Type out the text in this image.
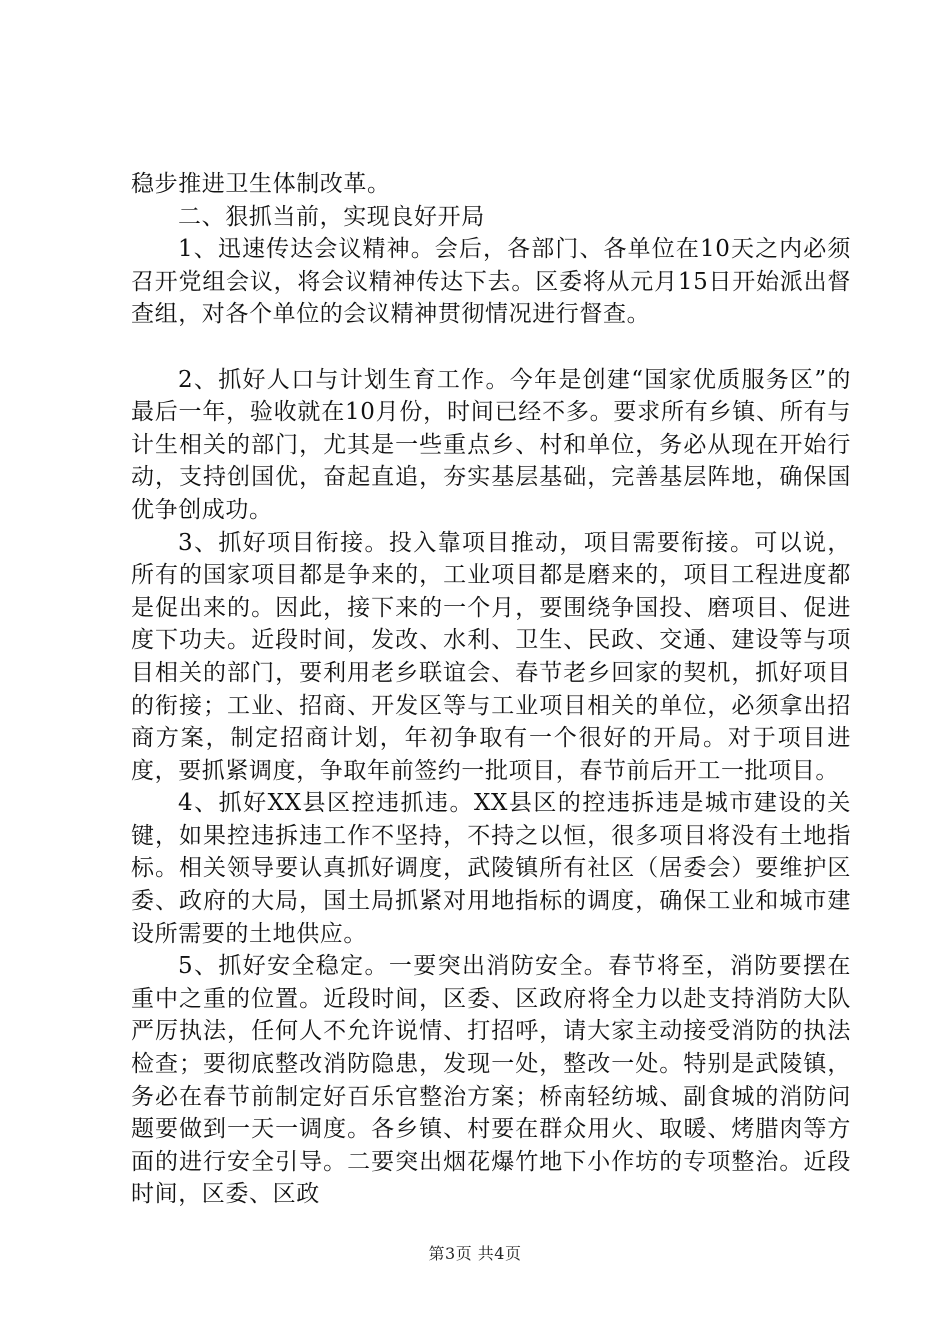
稳步推进卫生体制改革。

二、狠抓当前，实现良好开局

1、迅速传达会议精神。会后，各部门、各单位在10天之内必须召开党组会议，将会议精神传达下去。区委将从元月15日开始派出督查组，对各个单位的会议精神贯彻情况进行督查。

2、抓好人口与计划生育工作。今年是创建“国家优质服务区”的最后一年，验收就在10月份，时间已经不多。要求所有乡镇、所有与计生相关的部门，尤其是一些重点乡、村和单位，务必从现在开始行动，支持创国优，奋起直追，夯实基层基础，完善基层阵地，确保国优争创成功。

3、抓好项目衔接。投入靠项目推动，项目需要衔接。可以说，所有的国家项目都是争来的，工业项目都是磨来的，项目工程进度都是促出来的。因此，接下来的一个月，要围绕争国投、磨项目、促进度下功夫。近段时间，发改、水利、卫生、民政、交通、建设等与项目相关的部门，要利用老乡联谊会、春节老乡回家的契机，抓好项目的衔接；工业、招商、开发区等与工业项目相关的单位，必须拿出招商方案，制定招商计划，年初争取有一个很好的开局。对于项目进度，要抓紧调度，争取年前签约一批项目，春节前后开工一批项目。

4、抓好XX县区控违抓违。XX县区的控违拆违是城市建设的关键，如果控违拆违工作不坚持，不持之以恒，很多项目将没有土地指标。相关领导要认真抓好调度，武陵镇所有社区（居委会）要维护区委、政府的大局，国土局抓紧对用地指标的调度，确保工业和城市建设所需要的土地供应。

5、抓好安全稳定。一要突出消防安全。春节将至，消防要摆在重中之重的位置。近段时间，区委、区政府将全力以赴支持消防大队严厉执法，任何人不允许说情、打招呼，请大家主动接受消防的执法检查；要彻底整改消防隐患，发现一处，整改一处。特别是武陵镇，务必在春节前制定好百乐官整治方案；桥南轻纺城、副食城的消防问题要做到一天一调度。各乡镇、村要在群众用火、取暖、烤腊肉等方面的进行安全引导。二要突出烟花爆竹地下小作坊的专项整治。近段时间，区委、区政

第3页 共4页
